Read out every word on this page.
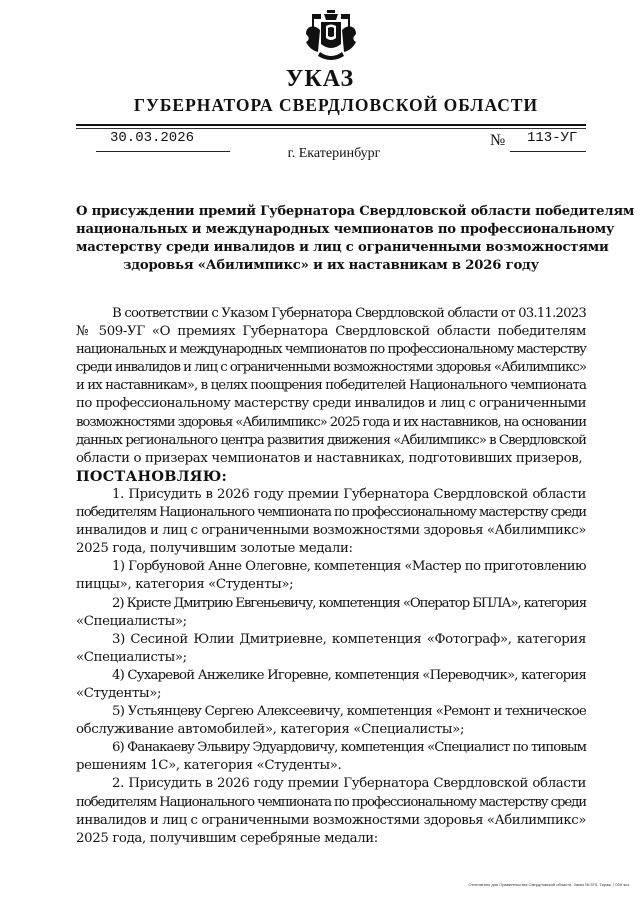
УКАЗ
ГУБЕРНАТОРА СВЕРДЛОВСКОЙ ОБЛАСТИ
30.03.2026	№ 113-УГ
г. Екатеринбург
О присуждении премий Губернатора Свердловской области победителям
национальных и международных чемпионатов по профессиональному
мастерству среди инвалидов и лиц с ограниченными возможностями
здоровья «Абилимпикс» и их наставникам в 2026 году
В соответствии с Указом Губернатора Свердловской области от 03.11.2023
№ 509-УГ «О премиях Губернатора Свердловской области победителям
национальных и международных чемпионатов по профессиональному мастерству
среди инвалидов и лиц с ограниченными возможностями здоровья «Абилимпикс»
и их наставникам», в целях поощрения победителей Национального чемпионата
по профессиональному мастерству среди инвалидов и лиц с ограниченными
возможностями здоровья «Абилимпикс» 2025 года и их наставников, на основании
данных регионального центра развития движения «Абилимпикс» в Свердловской
области о призерах чемпионатов и наставниках, подготовивших призеров,
ПОСТАНОВЛЯЮ:
1. Присудить в 2026 году премии Губернатора Свердловской области
победителям Национального чемпионата по профессиональному мастерству среди
инвалидов и лиц с ограниченными возможностями здоровья «Абилимпикс»
2025 года, получившим золотые медали:
1) Горбуновой Анне Олеговне, компетенция «Мастер по приготовлению
пиццы», категория «Студенты»;
2) Кристе Дмитрию Евгеньевичу, компетенция «Оператор БПЛА», категория
«Специалисты»;
3) Сесиной Юлии Дмитриевне, компетенция «Фотограф», категория
«Специалисты»;
4) Сухаревой Анжелике Игоревне, компетенция «Переводчик», категория
«Студенты»;
5) Устьянцеву Сергею Алексеевичу, компетенция «Ремонт и техническое
обслуживание автомобилей», категория «Специалисты»;
6) Фанакаеву Эльвиру Эдуардовичу, компетенция «Специалист по типовым
решениям 1С», категория «Студенты».
2. Присудить в 2026 году премии Губернатора Свердловской области
победителям Национального чемпионата по профессиональному мастерству среди
инвалидов и лиц с ограниченными возможностями здоровья «Абилимпикс»
2025 года, получившим серебряные медали:
Отпечатано для Правительства Свердловской области. Заказ № 575. Тираж 7 000 экз.
